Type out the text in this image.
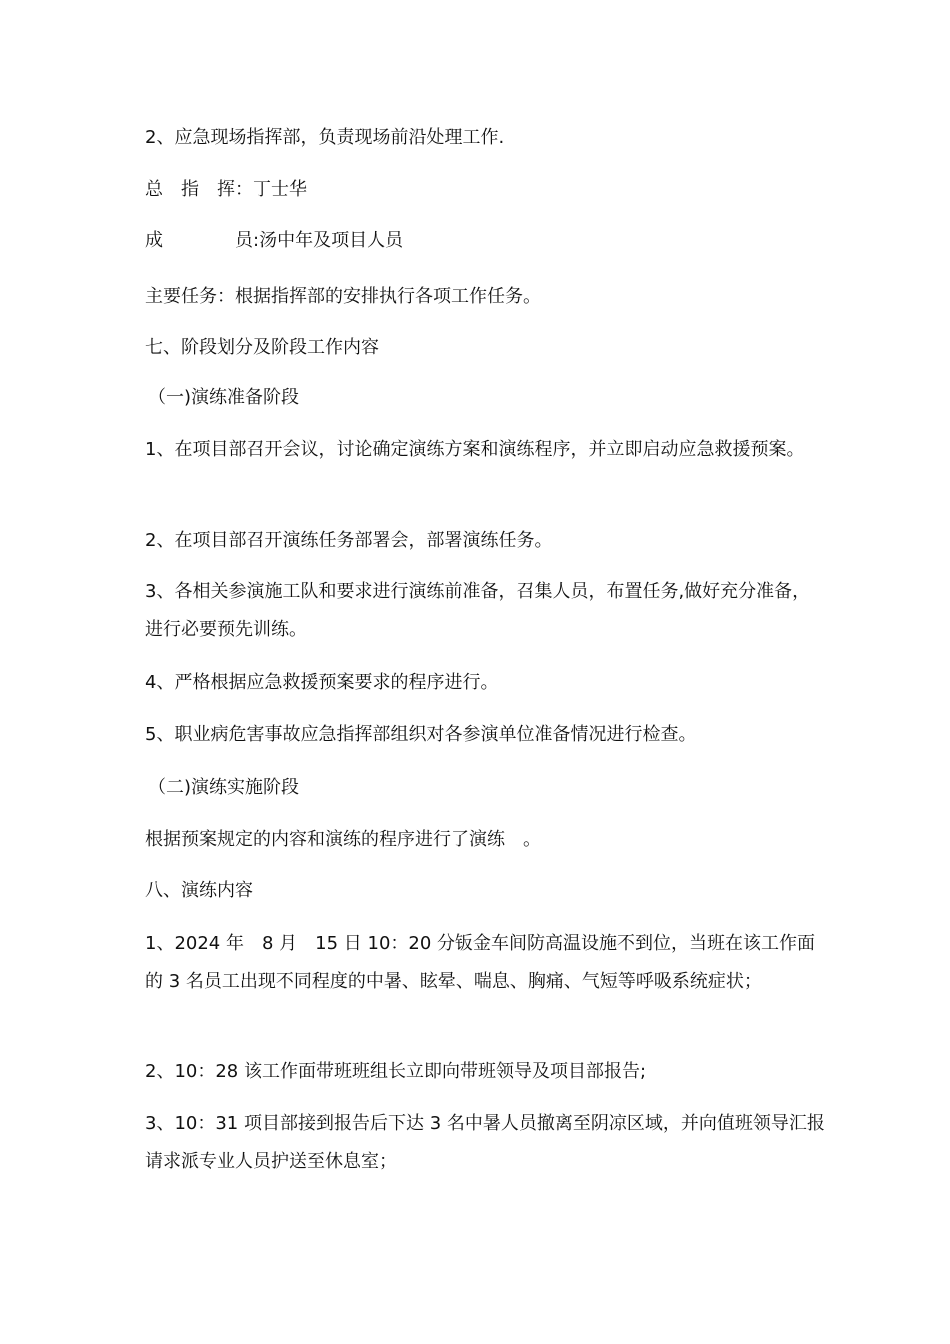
2、应急现场指挥部，负责现场前沿处理工作.

总　指　挥：丁士华

成　　　　员:汤中年及项目人员

主要任务：根据指挥部的安排执行各项工作任务。

七、阶段划分及阶段工作内容

（一)演练准备阶段

1、在项目部召开会议，讨论确定演练方案和演练程序，并立即启动应急救援预案。

2、在项目部召开演练任务部署会，部署演练任务。

3、各相关参演施工队和要求进行演练前准备，召集人员，布置任务,做好充分准备，进行必要预先训练。

4、严格根据应急救援预案要求的程序进行。

5、职业病危害事故应急指挥部组织对各参演单位准备情况进行检查。

（二)演练实施阶段

根据预案规定的内容和演练的程序进行了演练　。

八、演练内容

1、2024 年　8 月　15 日 10：20 分钣金车间防高温设施不到位，当班在该工作面的 3 名员工出现不同程度的中暑、眩晕、喘息、胸痛、气短等呼吸系统症状；

2、10：28 该工作面带班班组长立即向带班领导及项目部报告;

3、10：31 项目部接到报告后下达 3 名中暑人员撤离至阴凉区域，并向值班领导汇报请求派专业人员护送至休息室；
